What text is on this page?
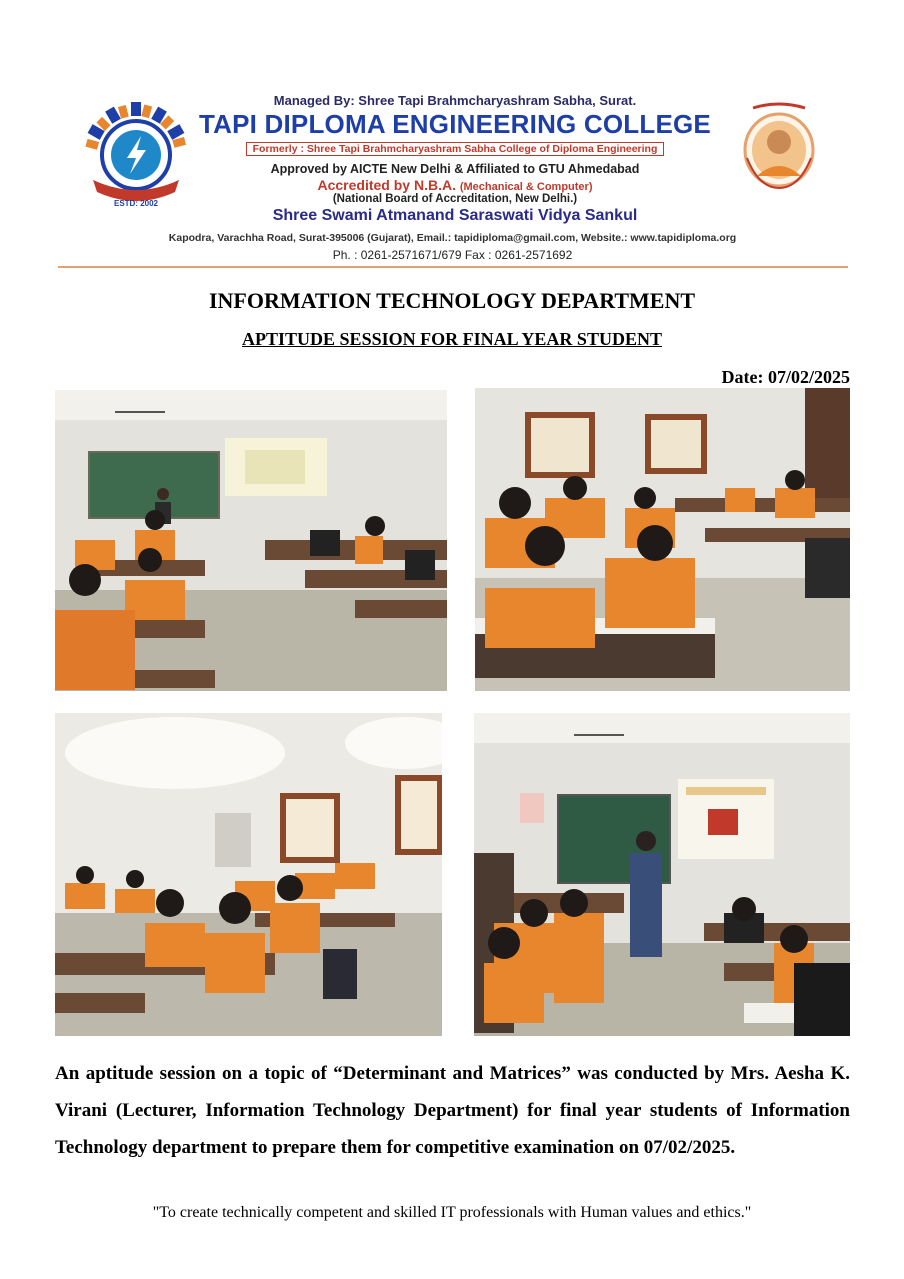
ESTD: 2002
Managed By: Shree Tapi Brahmcharyashram Sabha, Surat.
TAPI DIPLOMA ENGINEERING COLLEGE
Formerly : Shree Tapi Brahmcharyashram Sabha College of Diploma Engineering
Approved by AICTE New Delhi & Affiliated to GTU Ahmedabad
Accredited by N.B.A. (Mechanical & Computer)
(National Board of Accreditation, New Delhi.)
Shree Swami Atmanand Saraswati Vidya Sankul
Kapodra, Varachha Road, Surat-395006 (Gujarat), Email.: tapidiploma@gmail.com, Website.: www.tapidiploma.org
Ph. : 0261-2571671/679 Fax : 0261-2571692
INFORMATION TECHNOLOGY DEPARTMENT
APTITUDE SESSION FOR FINAL YEAR STUDENT
Date: 07/02/2025
An aptitude session on a topic of “Determinant and Matrices” was conducted by Mrs. Aesha K. Virani (Lecturer, Information Technology Department) for final year students of Information Technology department to prepare them for competitive examination on 07/02/2025.
"To create technically competent and skilled IT professionals with Human values and ethics."
